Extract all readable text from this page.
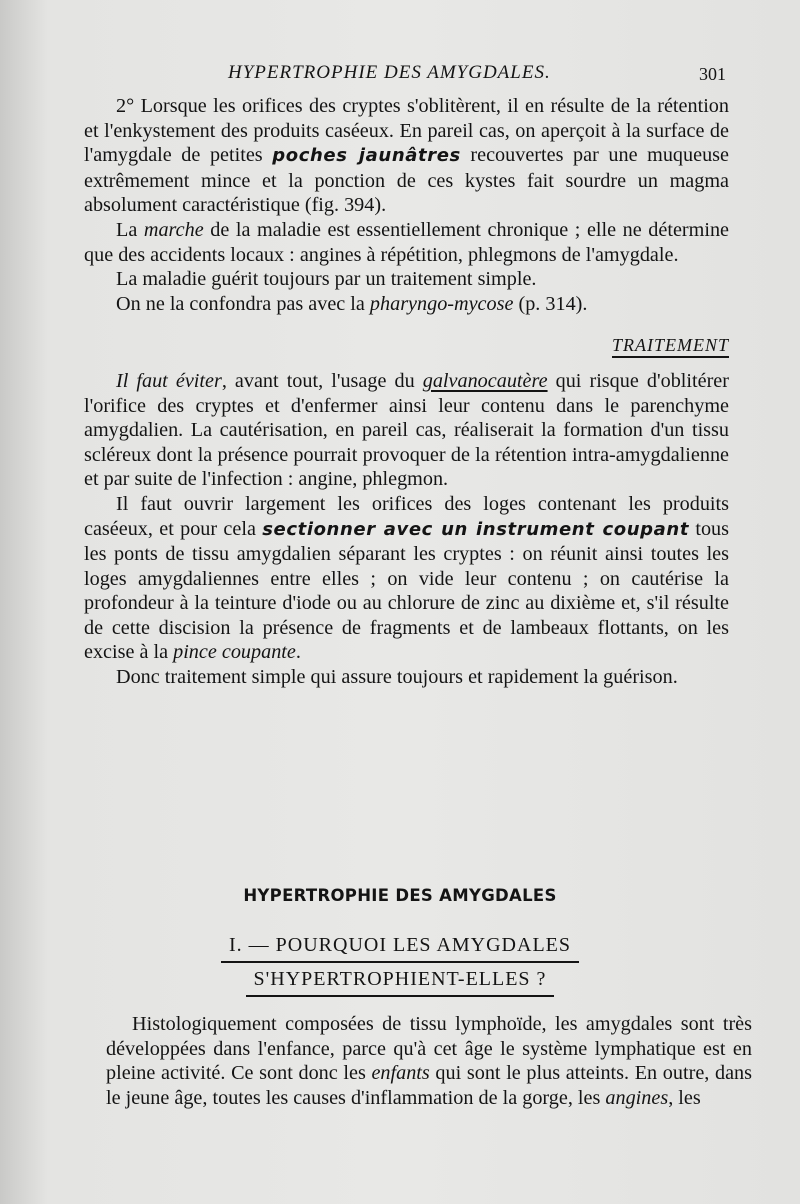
HYPERTROPHIE DES AMYGDALES.	301

2° Lorsque les orifices des cryptes s'oblitèrent, il en résulte de la rétention et l'enkystement des produits caséeux. En pareil cas, on aperçoit à la surface de l'amygdale de petites poches jaunâtres recouvertes par une muqueuse extrêmement mince et la ponction de ces kystes fait sourdre un magma absolument caractéristique (fig. 394).

La marche de la maladie est essentiellement chronique ; elle ne détermine que des accidents locaux : angines à répétition, phlegmons de l'amygdale.

La maladie guérit toujours par un traitement simple.

On ne la confondra pas avec la pharyngo-mycose (p. 314).

TRAITEMENT

Il faut éviter, avant tout, l'usage du galvanocautère qui risque d'oblitérer l'orifice des cryptes et d'enfermer ainsi leur contenu dans le parenchyme amygdalien. La cautérisation, en pareil cas, réaliserait la formation d'un tissu scléreux dont la présence pourrait provoquer de la rétention intra-amygdalienne et par suite de l'infection : angine, phlegmon.

Il faut ouvrir largement les orifices des loges contenant les produits caséeux, et pour cela sectionner avec un instrument coupant tous les ponts de tissu amygdalien séparant les cryptes : on réunit ainsi toutes les loges amygdaliennes entre elles ; on vide leur contenu ; on cautérise la profondeur à la teinture d'iode ou au chlorure de zinc au dixième et, s'il résulte de cette discision la présence de fragments et de lambeaux flottants, on les excise à la pince coupante.

Donc traitement simple qui assure toujours et rapidement la guérison.

HYPERTROPHIE DES AMYGDALES
I. — POURQUOI LES AMYGDALES
S'HYPERTROPHIENT-ELLES ?

Histologiquement composées de tissu lymphoïde, les amygdales sont très développées dans l'enfance, parce qu'à cet âge le système lymphatique est en pleine activité. Ce sont donc les enfants qui sont le plus atteints. En outre, dans le jeune âge, toutes les causes d'inflammation de la gorge, les angines, les
